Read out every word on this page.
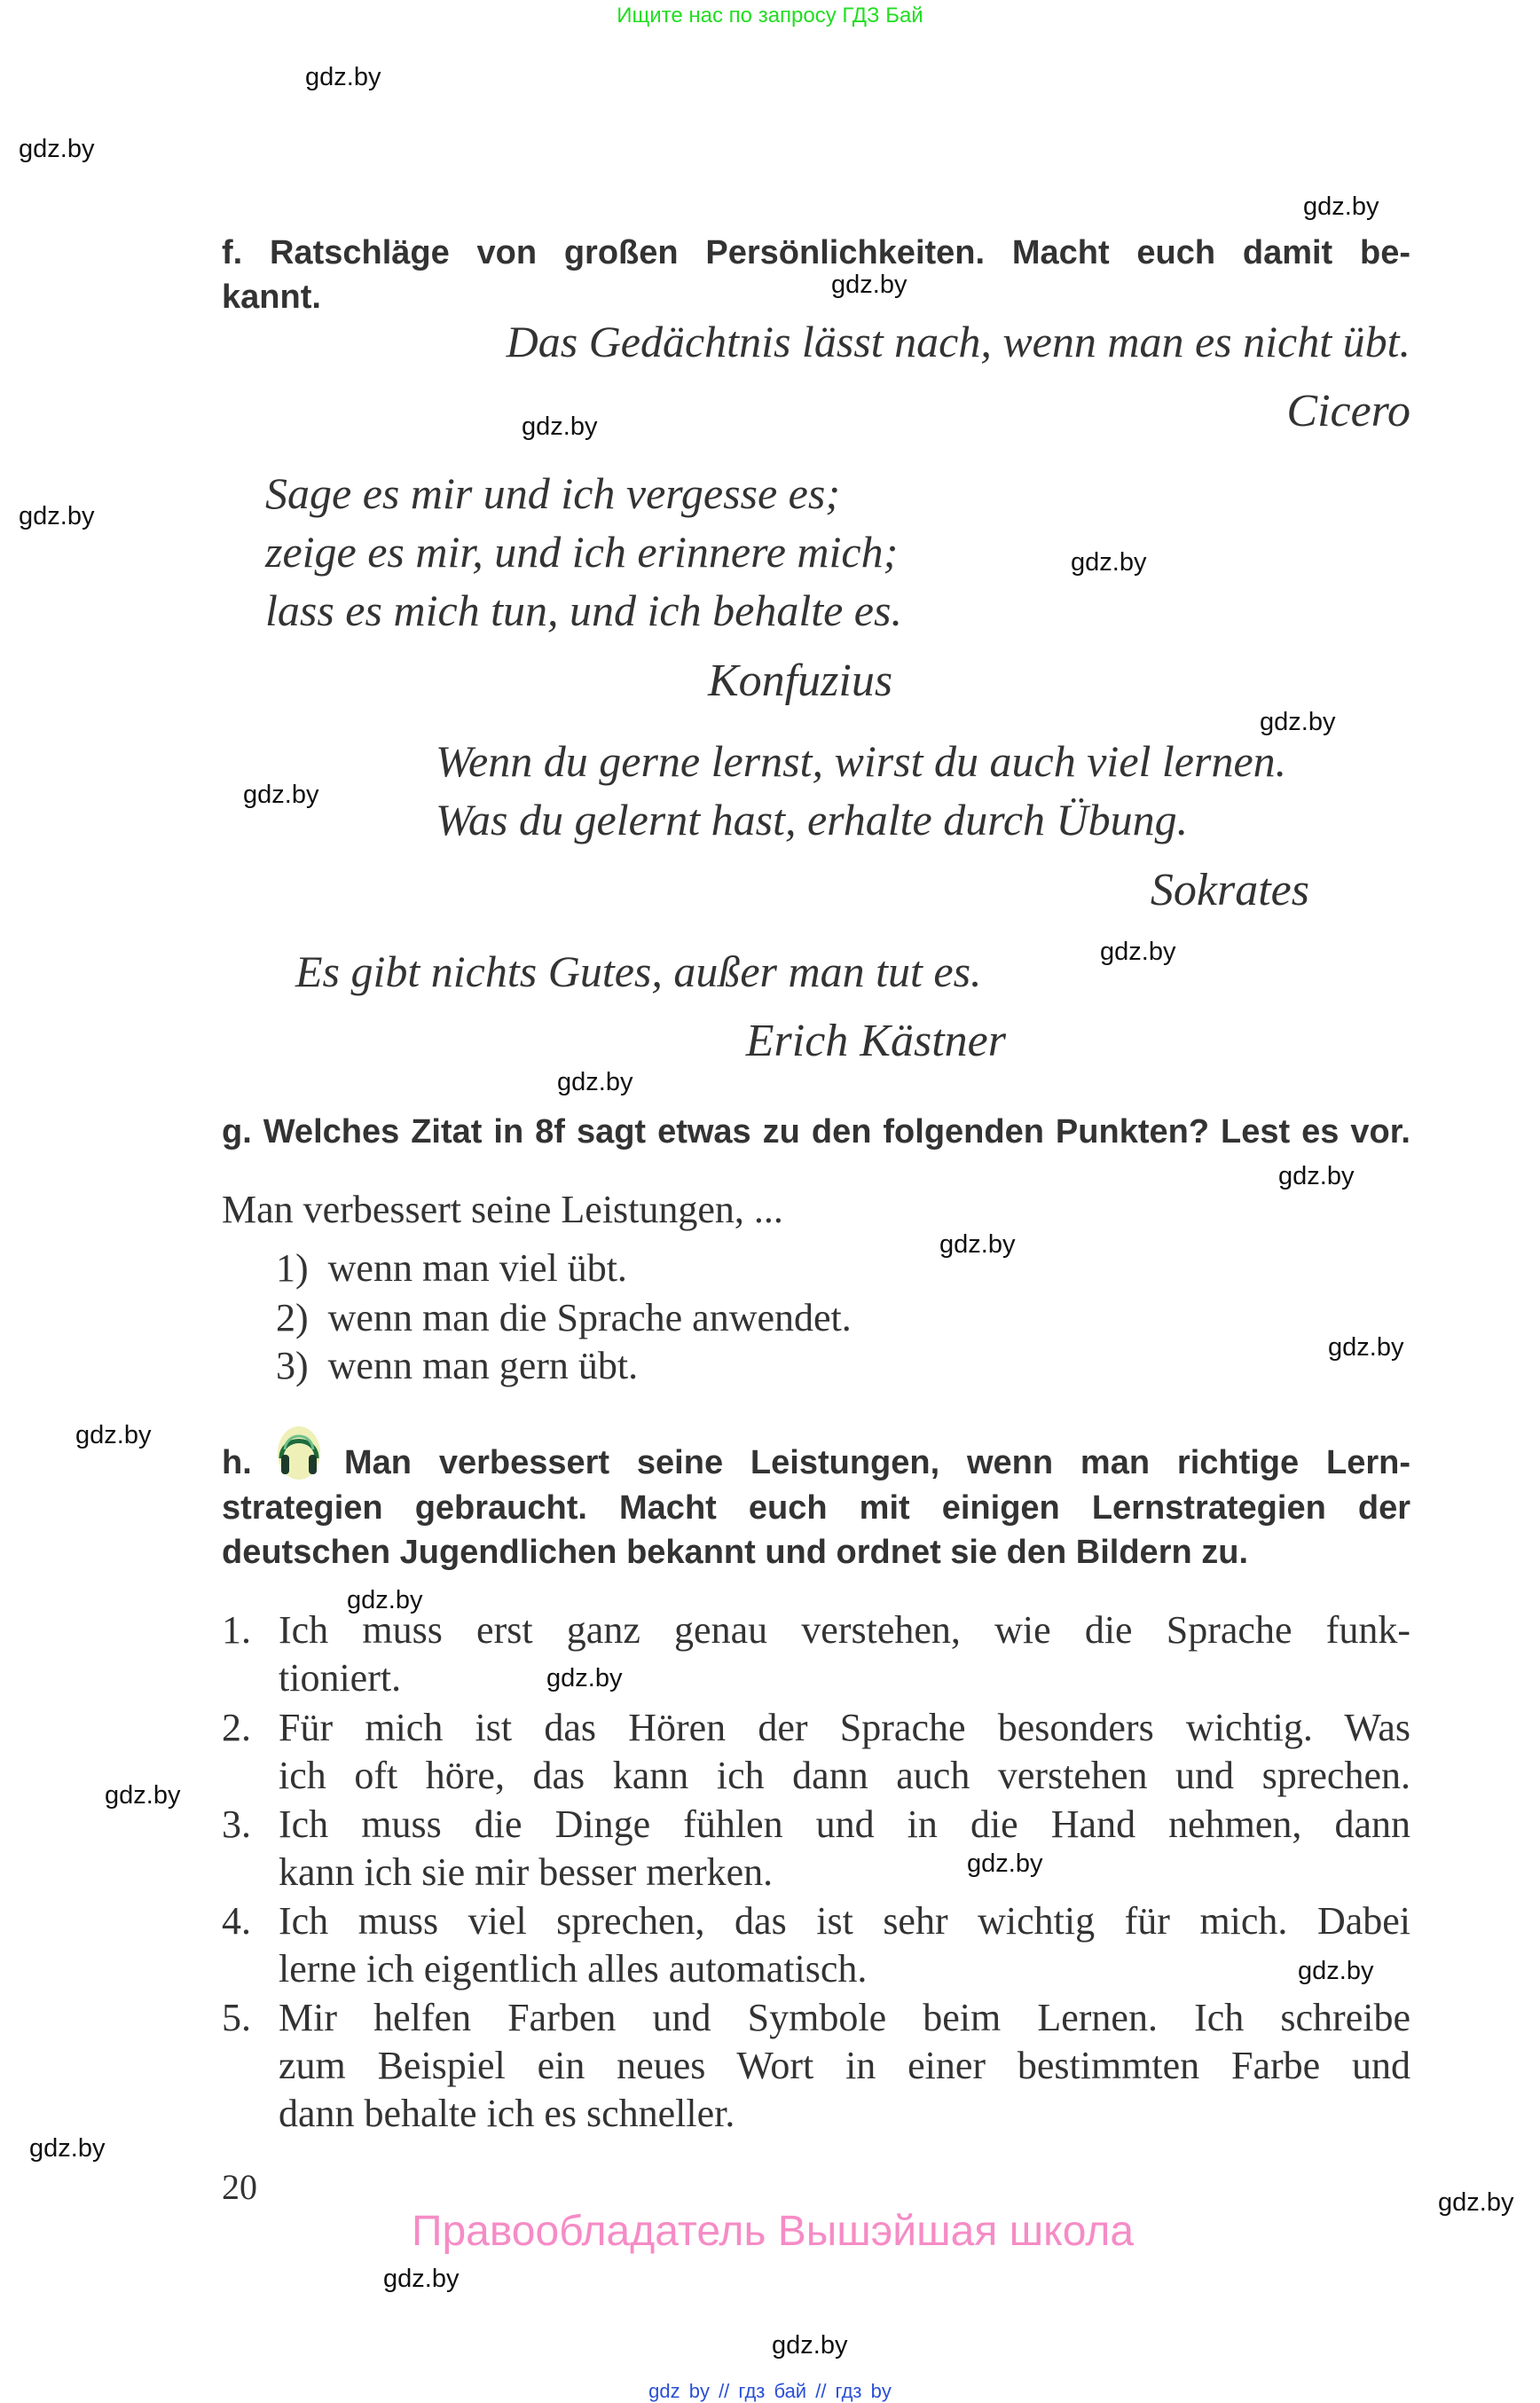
Ищите нас по запросу ГДЗ Бай
gdz.by
gdz.by
gdz.by
gdz.by
gdz.by
gdz.by
gdz.by
gdz.by
gdz.by
gdz.by
gdz.by
gdz.by
gdz.by
gdz.by
gdz.by
gdz.by
gdz.by
gdz.by
gdz.by
gdz.by
gdz.by
gdz.by
gdz.by
gdz.by
f. Ratschläge von großen Persönlichkeiten. Macht euch damit be-
kannt.
Das Gedächtnis lässt nach, wenn man es nicht übt.
Cicero
Sage es mir und ich vergesse es;
zeige es mir, und ich erinnere mich;
lass es mich tun, und ich behalte es.
Konfuzius
Wenn du gerne lernst, wirst du auch viel lernen.
Was du gelernt hast, erhalte durch Übung.
Sokrates
Es gibt nichts Gutes, außer man tut es.
Erich Kästner
g. Welches Zitat in 8f sagt etwas zu den folgenden Punkten? Lest es vor.
Man verbessert seine Leistungen, ...
1) wenn man viel übt.
2) wenn man die Sprache anwendet.
3) wenn man gern übt.
h.	Man verbessert seine Leistungen, wenn man richtige Lern-
strategien gebraucht. Macht euch mit einigen Lernstrategien der
deutschen Jugendlichen bekannt und ordnet sie den Bildern zu.
1. Ich muss erst ganz genau verstehen, wie die Sprache funk-
tioniert.
2. Für mich ist das Hören der Sprache besonders wichtig. Was
ich oft höre, das kann ich dann auch verstehen und sprechen.
3. Ich muss die Dinge fühlen und in die Hand nehmen, dann
kann ich sie mir besser merken.
4. Ich muss viel sprechen, das ist sehr wichtig für mich. Dabei
lerne ich eigentlich alles automatisch.
5. Mir helfen Farben und Symbole beim Lernen. Ich schreibe
zum Beispiel ein neues Wort in einer bestimmten Farbe und
dann behalte ich es schneller.
20
Правообладатель Вышэйшая школа
gdz by // гдз бай // гдз by
